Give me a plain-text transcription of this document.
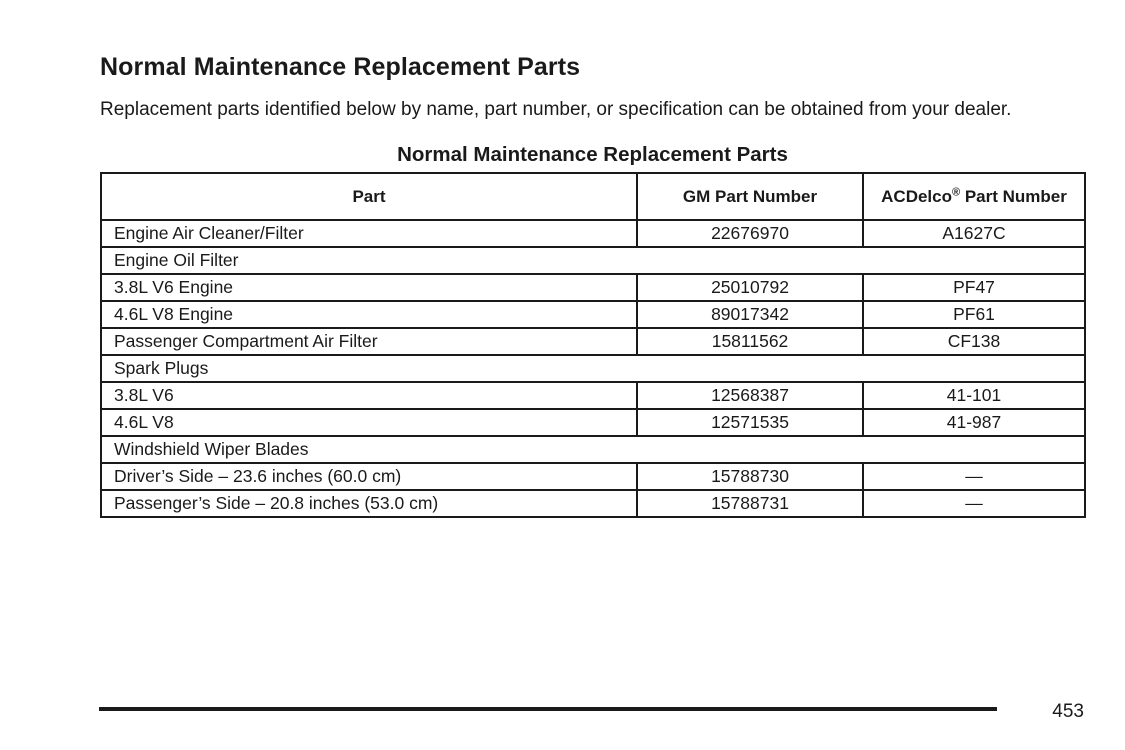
Normal Maintenance Replacement Parts

Replacement parts identified below by name, part number, or specification can be obtained from your dealer.

Normal Maintenance Replacement Parts

Part	GM Part Number	ACDelco® Part Number
Engine Air Cleaner/Filter	22676970	A1627C
Engine Oil Filter		
3.8L V6 Engine	25010792	PF47
4.6L V8 Engine	89017342	PF61
Passenger Compartment Air Filter	15811562	CF138
Spark Plugs		
3.8L V6	12568387	41-101
4.6L V8	12571535	41-987
Windshield Wiper Blades		
Driver’s Side – 23.6 inches (60.0 cm)	15788730	—
Passenger’s Side – 20.8 inches (53.0 cm)	15788731	—
453
